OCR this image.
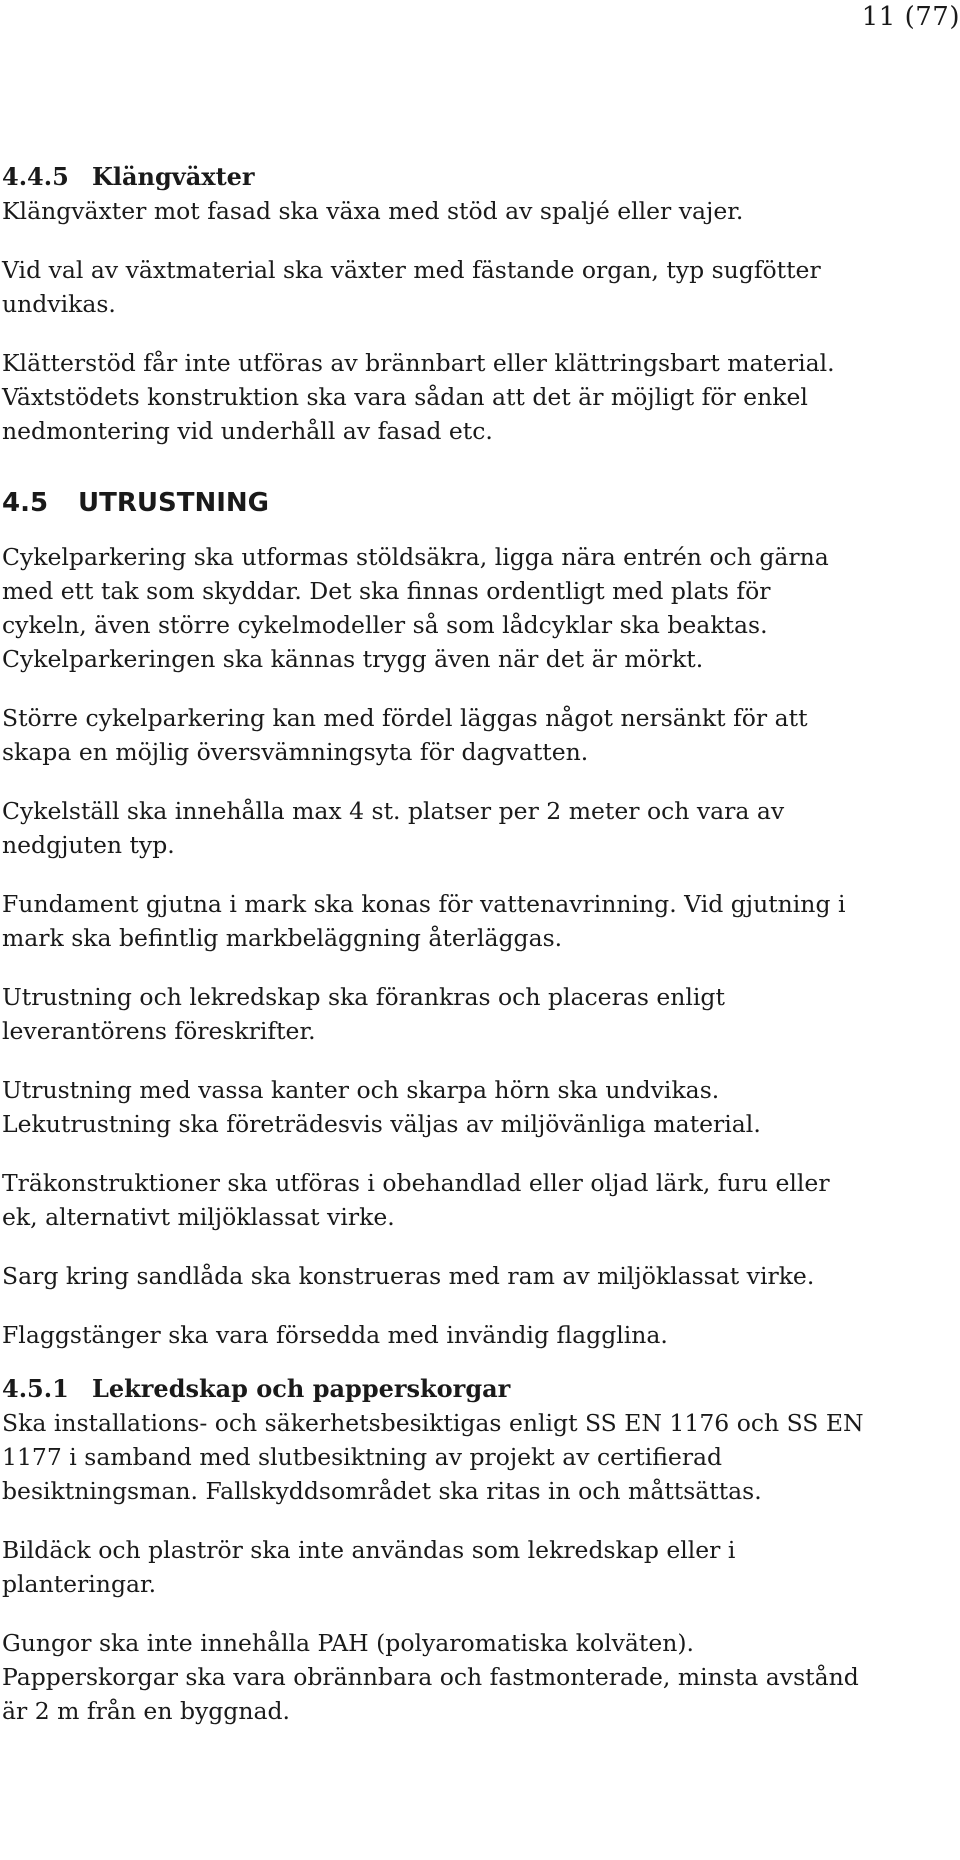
11 (77)
4.4.5 Klängväxter

Klängväxter mot fasad ska växa med stöd av spaljé eller vajer.

Vid val av växtmaterial ska växter med fästande organ, typ sugfötter
undvikas.

Klätterstöd får inte utföras av brännbart eller klättringsbart material.
Växtstödets konstruktion ska vara sådan att det är möjligt för enkel
nedmontering vid underhåll av fasad etc.

4.5 UTRUSTNING

Cykelparkering ska utformas stöldsäkra, ligga nära entrén och gärna
med ett tak som skyddar. Det ska finnas ordentligt med plats för
cykeln, även större cykelmodeller så som lådcyklar ska beaktas.
Cykelparkeringen ska kännas trygg även när det är mörkt.

Större cykelparkering kan med fördel läggas något nersänkt för att
skapa en möjlig översvämningsyta för dagvatten.

Cykelställ ska innehålla max 4 st. platser per 2 meter och vara av
nedgjuten typ.

Fundament gjutna i mark ska konas för vattenavrinning. Vid gjutning i
mark ska befintlig markbeläggning återläggas.

Utrustning och lekredskap ska förankras och placeras enligt
leverantörens föreskrifter.

Utrustning med vassa kanter och skarpa hörn ska undvikas.
Lekutrustning ska företrädesvis väljas av miljövänliga material.

Träkonstruktioner ska utföras i obehandlad eller oljad lärk, furu eller
ek, alternativt miljöklassat virke.

Sarg kring sandlåda ska konstrueras med ram av miljöklassat virke.

Flaggstänger ska vara försedda med invändig flagglina.

4.5.1 Lekredskap och papperskorgar

Ska installations- och säkerhetsbesiktigas enligt SS EN 1176 och SS EN
1177 i samband med slutbesiktning av projekt av certifierad
besiktningsman. Fallskyddsområdet ska ritas in och måttsättas.

Bildäck och plaströr ska inte användas som lekredskap eller i
planteringar.

Gungor ska inte innehålla PAH (polyaromatiska kolväten).
Papperskorgar ska vara obrännbara och fastmonterade, minsta avstånd
är 2 m från en byggnad.
